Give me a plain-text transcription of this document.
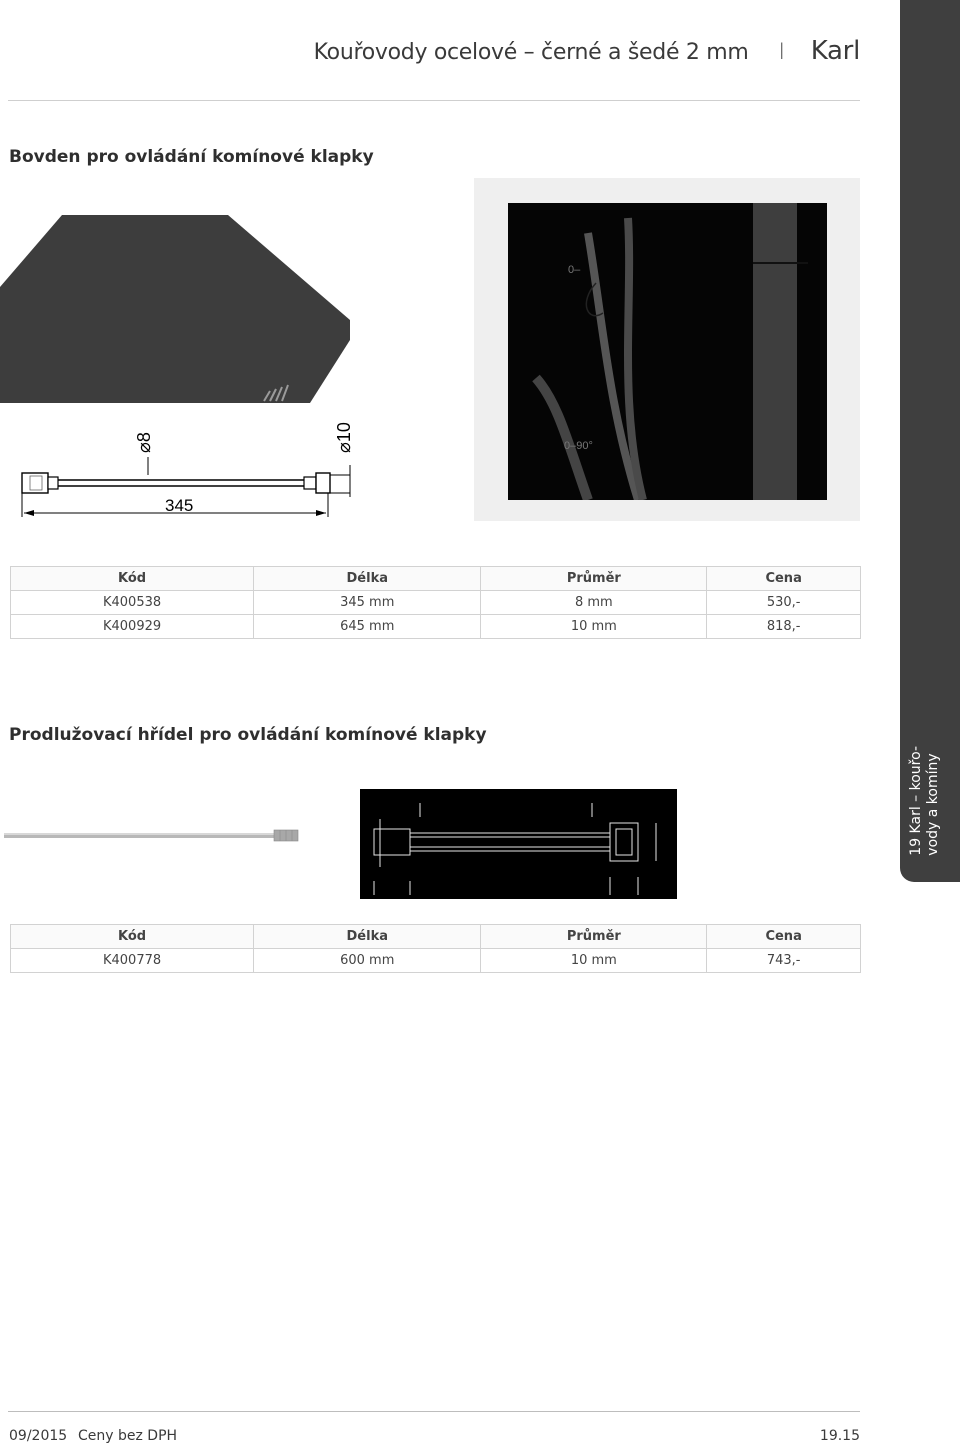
Kouřovody ocelové – černé a šedé 2 mm I Karl
Bovden pro ovládání komínové klapky
⌀8	⌀10
345
0–
0–90°
Kód	Délka	Průměr	Cena
K400538	345 mm	8 mm	530,-
K400929	645 mm	10 mm	818,-
Prodlužovací hřídel pro ovládání komínové klapky
Kód	Délka	Průměr	Cena
K400778	600 mm	10 mm	743,-
19 Karl – kouřo-
vody a komíny
09/2015 Ceny bez DPH	19.15
